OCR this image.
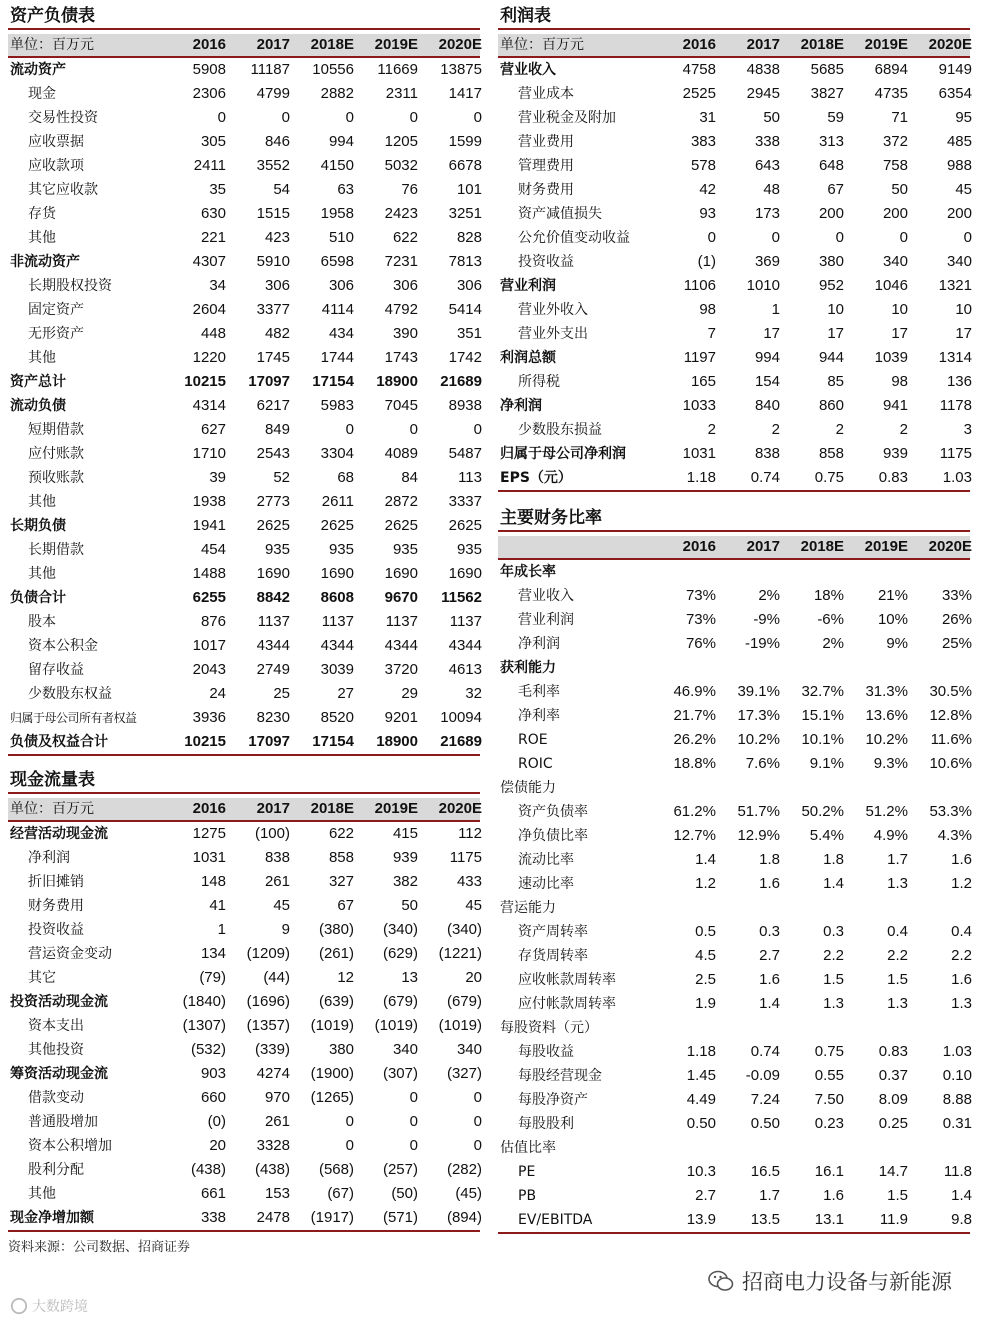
资产负债表
单位：百万元	2016	2017	2018E	2019E	2020E
流动资产	5908	11187	10556	11669	13875
现金	2306	4799	2882	2311	1417
交易性投资	0	0	0	0	0
应收票据	305	846	994	1205	1599
应收款项	2411	3552	4150	5032	6678
其它应收款	35	54	63	76	101
存货	630	1515	1958	2423	3251
其他	221	423	510	622	828
非流动资产	4307	5910	6598	7231	7813
长期股权投资	34	306	306	306	306
固定资产	2604	3377	4114	4792	5414
无形资产	448	482	434	390	351
其他	1220	1745	1744	1743	1742
资产总计	10215	17097	17154	18900	21689
流动负债	4314	6217	5983	7045	8938
短期借款	627	849	0	0	0
应付账款	1710	2543	3304	4089	5487
预收账款	39	52	68	84	113
其他	1938	2773	2611	2872	3337
长期负债	1941	2625	2625	2625	2625
长期借款	454	935	935	935	935
其他	1488	1690	1690	1690	1690
负债合计	6255	8842	8608	9670	11562
股本	876	1137	1137	1137	1137
资本公积金	1017	4344	4344	4344	4344
留存收益	2043	2749	3039	3720	4613
少数股东权益	24	25	27	29	32
归属于母公司所有者权益	3936	8230	8520	9201	10094
负债及权益合计	10215	17097	17154	18900	21689
现金流量表
单位：百万元	2016	2017	2018E	2019E	2020E
经营活动现金流	1275	(100)	622	415	112
净利润	1031	838	858	939	1175
折旧摊销	148	261	327	382	433
财务费用	41	45	67	50	45
投资收益	1	9	(380)	(340)	(340)
营运资金变动	134	(1209)	(261)	(629)	(1221)
其它	(79)	(44)	12	13	20
投资活动现金流	(1840)	(1696)	(639)	(679)	(679)
资本支出	(1307)	(1357)	(1019)	(1019)	(1019)
其他投资	(532)	(339)	380	340	340
筹资活动现金流	903	4274	(1900)	(307)	(327)
借款变动	660	970	(1265)	0	0
普通股增加	(0)	261	0	0	0
资本公积增加	20	3328	0	0	0
股利分配	(438)	(438)	(568)	(257)	(282)
其他	661	153	(67)	(50)	(45)
现金净增加额	338	2478	(1917)	(571)	(894)
利润表
单位：百万元	2016	2017	2018E	2019E	2020E
营业收入	4758	4838	5685	6894	9149
营业成本	2525	2945	3827	4735	6354
营业税金及附加	31	50	59	71	95
营业费用	383	338	313	372	485
管理费用	578	643	648	758	988
财务费用	42	48	67	50	45
资产减值损失	93	173	200	200	200
公允价值变动收益	0	0	0	0	0
投资收益	(1)	369	380	340	340
营业利润	1106	1010	952	1046	1321
营业外收入	98	1	10	10	10
营业外支出	7	17	17	17	17
利润总额	1197	994	944	1039	1314
所得税	165	154	85	98	136
净利润	1033	840	860	941	1178
少数股东损益	2	2	2	2	3
归属于母公司净利润	1031	838	858	939	1175
EPS（元）	1.18	0.74	0.75	0.83	1.03
主要财务比率
2016	2017	2018E	2019E	2020E
年成长率
营业收入	73%	2%	18%	21%	33%
营业利润	73%	-9%	-6%	10%	26%
净利润	76%	-19%	2%	9%	25%
获利能力
毛利率	46.9%	39.1%	32.7%	31.3%	30.5%
净利率	21.7%	17.3%	15.1%	13.6%	12.8%
ROE	26.2%	10.2%	10.1%	10.2%	11.6%
ROIC	18.8%	7.6%	9.1%	9.3%	10.6%
偿债能力
资产负债率	61.2%	51.7%	50.2%	51.2%	53.3%
净负债比率	12.7%	12.9%	5.4%	4.9%	4.3%
流动比率	1.4	1.8	1.8	1.7	1.6
速动比率	1.2	1.6	1.4	1.3	1.2
营运能力
资产周转率	0.5	0.3	0.3	0.4	0.4
存货周转率	4.5	2.7	2.2	2.2	2.2
应收帐款周转率	2.5	1.6	1.5	1.5	1.6
应付帐款周转率	1.9	1.4	1.3	1.3	1.3
每股资料（元）
每股收益	1.18	0.74	0.75	0.83	1.03
每股经营现金	1.45	-0.09	0.55	0.37	0.10
每股净资产	4.49	7.24	7.50	8.09	8.88
每股股利	0.50	0.50	0.23	0.25	0.31
估值比率
PE	10.3	16.5	16.1	14.7	11.8
PB	2.7	1.7	1.6	1.5	1.4
EV/EBITDA	13.9	13.5	13.1	11.9	9.8
资料来源：公司数据、招商证券
招商电力设备与新能源
大数跨境
